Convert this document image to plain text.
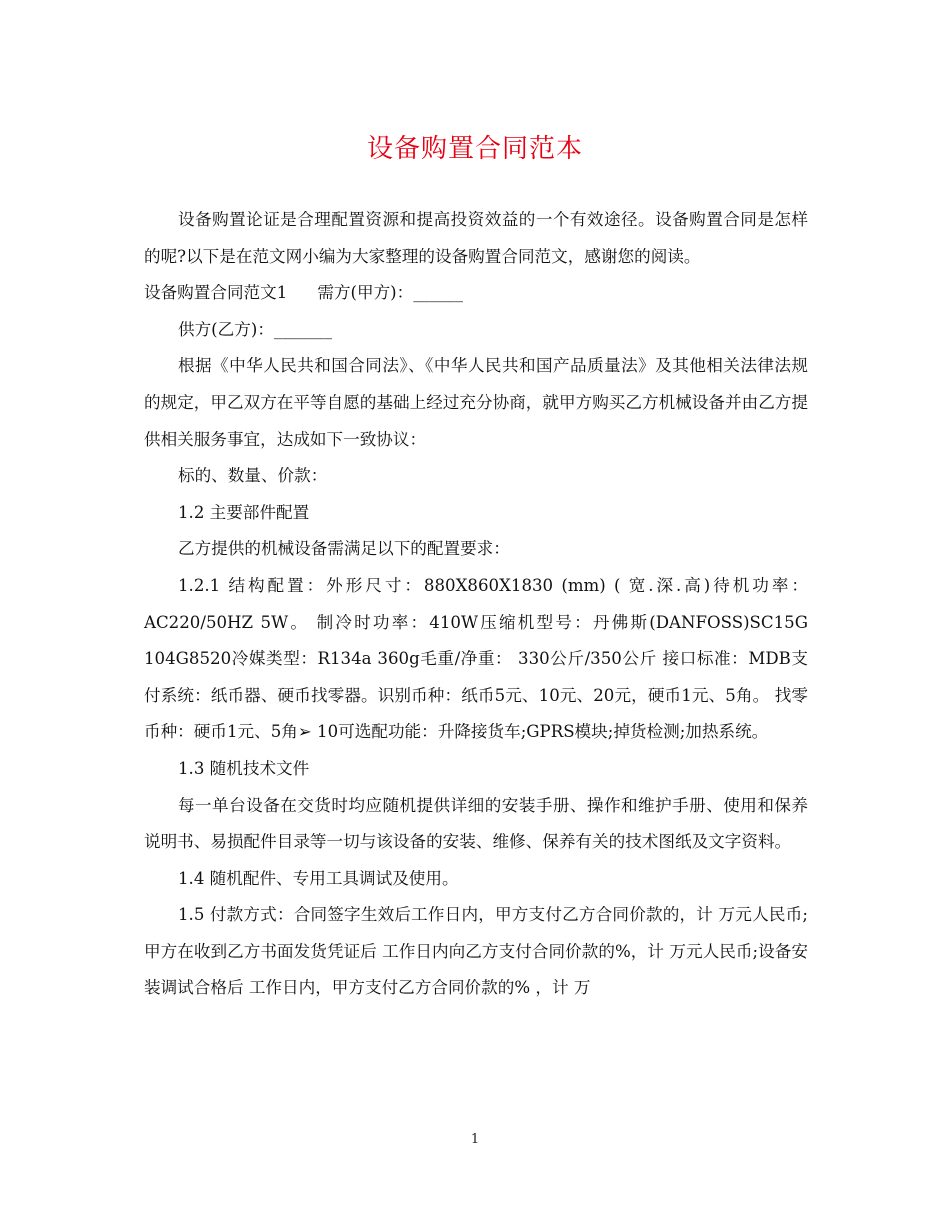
设备购置合同范本

设备购置论证是合理配置资源和提高投资效益的一个有效途径。设备购置合同是怎样的呢?以下是在范文网小编为大家整理的设备购置合同范文，感谢您的阅读。

设备购置合同范文1 需方(甲方)：______

供方(乙方)：_______

根据《中华人民共和国合同法》、《中华人民共和国产品质量法》及其他相关法律法规的规定，甲乙双方在平等自愿的基础上经过充分协商，就甲方购买乙方机械设备并由乙方提供相关服务事宜，达成如下一致协议：

标的、数量、价款：

1.2 主要部件配置

乙方提供的机械设备需满足以下的配置要求：

1.2.1 结构配置：外形尺寸：880X860X1830 (mm) ( 宽.深.高)待机功率：AC220/50HZ 5W。 制冷时功率：410W压缩机型号：丹佛斯(DANFOSS)SC15G 104G8520冷媒类型：R134a 360g毛重/净重： 330公斤/350公斤 接口标准：MDB支付系统：纸币器、硬币找零器。识别币种：纸币5元、10元、20元，硬币1元、5角。 找零币种：硬币1元、5角➢ 10可选配功能：升降接货车;GPRS模块;掉货检测;加热系统。

1.3 随机技术文件

每一单台设备在交货时均应随机提供详细的安装手册、操作和维护手册、使用和保养说明书、易损配件目录等一切与该设备的安装、维修、保养有关的技术图纸及文字资料。

1.4 随机配件、专用工具调试及使用。

1.5 付款方式：合同签字生效后工作日内，甲方支付乙方合同价款的，计 万元人民币;甲方在收到乙方书面发货凭证后 工作日内向乙方支付合同价款的%，计 万元人民币;设备安装调试合格后 工作日内，甲方支付乙方合同价款的% ，计 万

1
